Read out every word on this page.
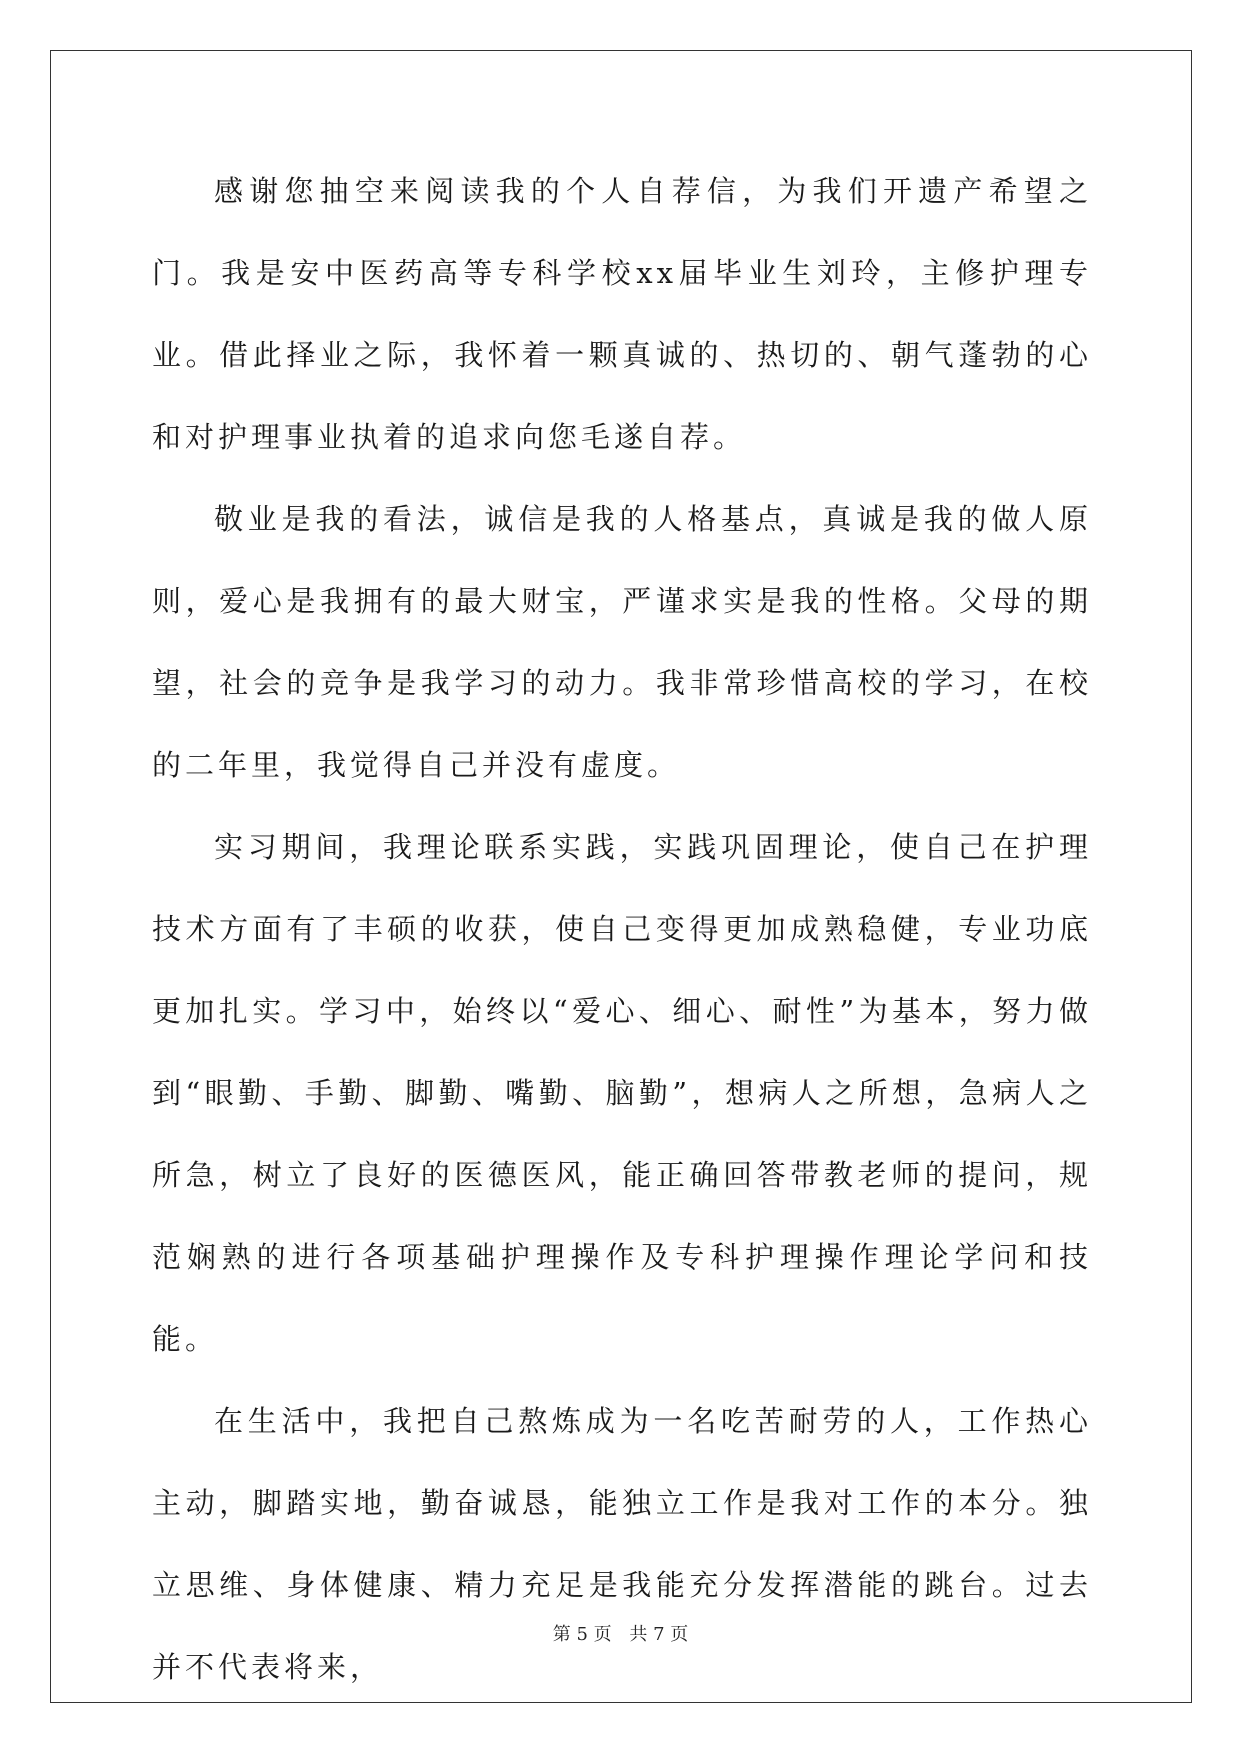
感谢您抽空来阅读我的个人自荐信，为我们开遗产希望之门。我是安中医药高等专科学校xx届毕业生刘玲，主修护理专业。借此择业之际，我怀着一颗真诚的、热切的、朝气蓬勃的心和对护理事业执着的追求向您毛遂自荐。

敬业是我的看法，诚信是我的人格基点，真诚是我的做人原则，爱心是我拥有的最大财宝，严谨求实是我的性格。父母的期望，社会的竞争是我学习的动力。我非常珍惜高校的学习，在校的二年里，我觉得自己并没有虚度。

实习期间，我理论联系实践，实践巩固理论，使自己在护理技术方面有了丰硕的收获，使自己变得更加成熟稳健，专业功底更加扎实。学习中，始终以“爱心、细心、耐性”为基本，努力做到“眼勤、手勤、脚勤、嘴勤、脑勤”，想病人之所想，急病人之所急，树立了良好的医德医风，能正确回答带教老师的提问，规范娴熟的进行各项基础护理操作及专科护理操作理论学问和技能。

在生活中，我把自己熬炼成为一名吃苦耐劳的人，工作热心主动，脚踏实地，勤奋诚恳，能独立工作是我对工作的本分。独立思维、身体健康、精力充足是我能充分发挥潜能的跳台。过去并不代表将来，

第 5 页 共 7 页
